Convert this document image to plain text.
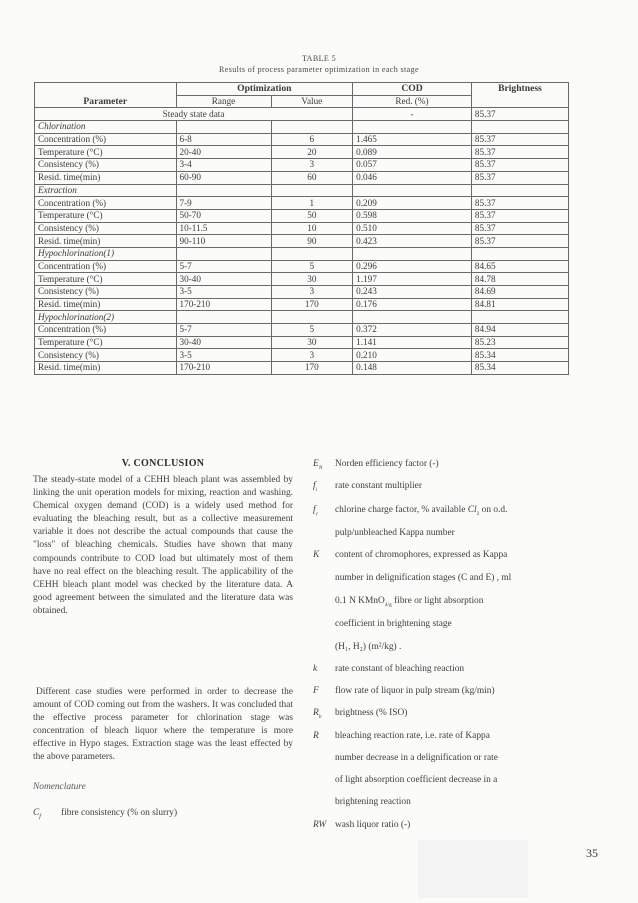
TABLE 5
Results of process parameter optimization in each stage
Parameter	Optimization		COD	Brightness
	Range	Value	Red. (%)	
Steady state data			-	85.37
Chlorination				
Concentration (%)	6-8	6	1.465	85.37
Temperature (°C)	20-40	20	0.089	85.37
Consistency (%)	3-4	3	0.057	85.37
Resid. time(min)	60-90	60	0.046	85.37
Extraction				
Concentration (%)	7-9	1	0.209	85.37
Temperature (°C)	50-70	50	0.598	85.37
Consistency (%)	10-11.5	10	0.510	85.37
Resid. time(min)	90-110	90	0.423	85.37
Hypochlorination(1)				
Concentration (%)	5-7	5	0.296	84.65
Temperature (°C)	30-40	30	1.197	84.78
Consistency (%)	3-5	3	0.243	84.69
Resid. time(min)	170-210	170	0.176	84.81
Hypochlorination(2)				
Concentration (%)	5-7	5	0.372	84.94
Temperature (°C)	30-40	30	1.141	85.23
Consistency (%)	3-5	3	0.210	85.34
Resid. time(min)	170-210	170	0.148	85.34
V. CONCLUSION
The steady-state model of a CEHH bleach plant was assembled by linking the unit operation models for mixing, reaction and washing. Chemical oxygen demand (COD) is a widely used method for evaluating the bleaching result, but as a collective measurement variable it does not describe the actual compounds that cause the "loss" of bleaching chemicals. Studies have shown that many compounds contribute to COD load but ultimately most of them have no real effect on the bleaching result. The applicability of the CEHH bleach plant model was checked by the literature data. A good agreement between the simulated and the literature data was obtained.
Different case studies were performed in order to decrease the amount of COD coming out from the washers. It was concluded that the effective process parameter for chlorination stage was concentration of bleach liquor where the temperature is more effective in Hypo stages. Extraction stage was the least effected by the above parameters.
Nomenclature
$C_f$ fibre consistency (% on slurry)
$E_N$ Norden efficiency factor (-)
$f_i$ rate constant multiplier
$f_c$ chlorine charge factor, % available $Cl_2$ on o.d.
pulp/unbleached Kappa number
K content of chromophores, expressed as Kappa
number in delignification stages (C and E) , ml
0.1 N KMnO$_{4/g}$ fibre or light absorption
coefficient in brightening stage
(H₁, H₂) (m²/kg) .
k rate constant of bleaching reaction
F flow rate of liquor in pulp stream (kg/min)
$R_b$ brightness (% ISO)
R bleaching reaction rate, i.e. rate of Kappa
number decrease in a delignification or rate
of light absorption coefficient decrease in a
brightening reaction
RW wash liquor ratio (-)
35
